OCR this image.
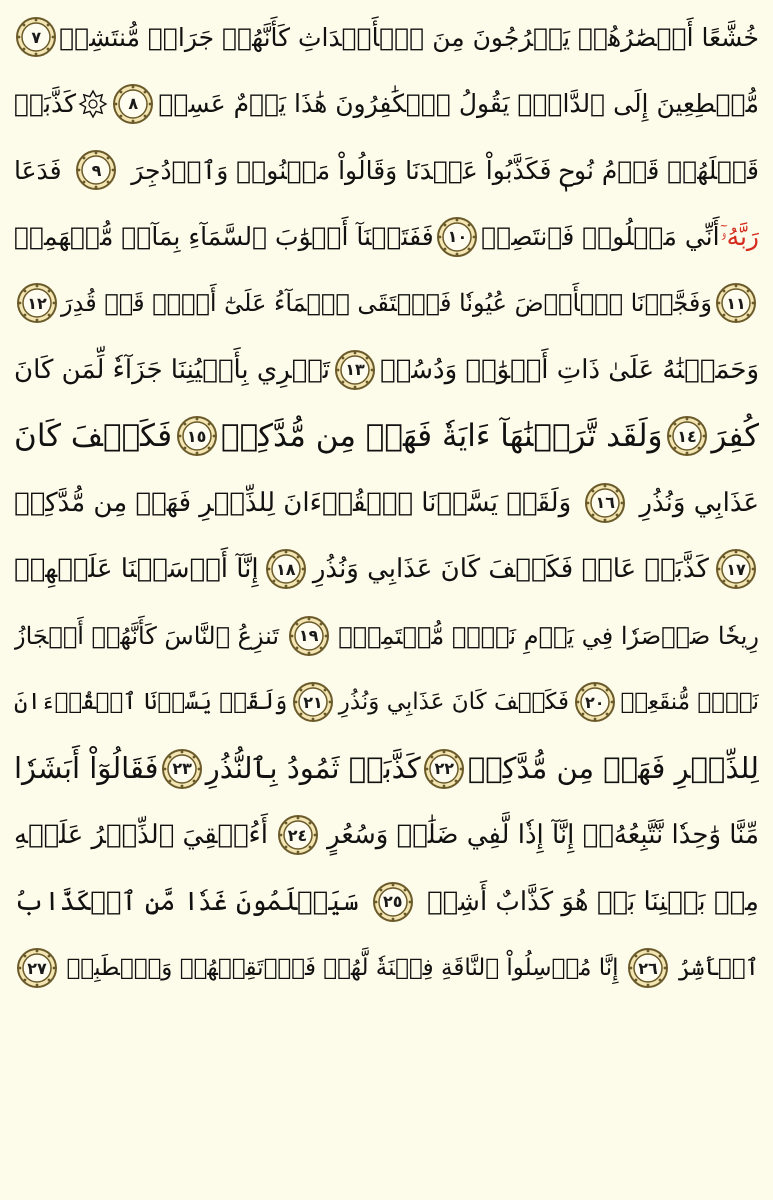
خُشَّعًا أَبۡصَٰرُهُمۡ يَخۡرُجُونَ مِنَ ٱلۡأَجۡدَاثِ كَأَنَّهُمۡ جَرَادٞ مُّنتَشِرٞ
٧
مُّهۡطِعِينَ إِلَى ٱلدَّاعِۖ يَقُولُ ٱلۡكَٰفِرُونَ هَٰذَا يَوۡمٌ عَسِرٞ
٨
كَذَّبَتۡ
قَبۡلَهُمۡ قَوۡمُ نُوحٖ فَكَذَّبُواْ عَبۡدَنَا وَقَالُواْ مَجۡنُونٞ وَٱزۡدُجِرَ
٩
فَدَعَا
رَبَّهُۥٓ
أَنِّي مَغۡلُوبٞ فَٱنتَصِرۡ
١٠
فَفَتَحۡنَآ أَبۡوَٰبَ ٱلسَّمَآءِ بِمَآءٖ مُّنۡهَمِرٖ
١١
وَفَجَّرۡنَا ٱلۡأَرۡضَ عُيُونٗا فَٱلۡتَقَى ٱلۡمَآءُ عَلَىٰٓ أَمۡرٖ قَدۡ قُدِرَ
١٢
وَحَمَلۡنَٰهُ عَلَىٰ ذَاتِ أَلۡوَٰحٖ وَدُسُرٖ
١٣
تَجۡرِي بِأَعۡيُنِنَا جَزَآءٗ لِّمَن كَانَ
كُفِرَ
١٤
وَلَقَد تَّرَكۡنَٰهَآ ءَايَةٗ فَهَلۡ مِن مُّدَّكِرٖ
١٥
فَكَيۡفَ كَانَ
عَذَابِي وَنُذُرِ
١٦
وَلَقَدۡ يَسَّرۡنَا ٱلۡقُرۡءَانَ لِلذِّكۡرِ فَهَلۡ مِن مُّدَّكِرٖ
١٧
كَذَّبَتۡ عَادٞ فَكَيۡفَ كَانَ عَذَابِي وَنُذُرِ
١٨
إِنَّآ أَرۡسَلۡنَا عَلَيۡهِمۡ
رِيحٗا صَرۡصَرٗا فِي يَوۡمِ نَحۡسٖ مُّسۡتَمِرّٖ
١٩
تَنزِعُ ٱلنَّاسَ كَأَنَّهُمۡ أَعۡجَازُ
نَخۡلٖ مُّنقَعِرٖ
٢٠
فَكَيۡفَ كَانَ عَذَابِي وَنُذُرِ
٢١
وَلَقَدۡ يَسَّرۡنَا ٱلۡقُرۡءَانَ
لِلذِّكۡرِ فَهَلۡ مِن مُّدَّكِرٖ
٢٢
كَذَّبَتۡ ثَمُودُ بِٱلنُّذُرِ
٢٣
فَقَالُوٓاْ أَبَشَرٗا
مِّنَّا وَٰحِدٗا نَّتَّبِعُهُۥٓ إِنَّآ إِذٗا لَّفِي ضَلَٰلٖ وَسُعُرٍ
٢٤
أَءُلۡقِيَ ٱلذِّكۡرُ عَلَيۡهِ
مِنۢ بَيۡنِنَا بَلۡ هُوَ كَذَّابٌ أَشِرٞ
٢٥
سَيَعۡلَمُونَ غَدٗا مَّنِ ٱلۡكَذَّابُ
ٱلۡأَشِرُ
٢٦
إِنَّا مُرۡسِلُواْ ٱلنَّاقَةِ فِتۡنَةٗ لَّهُمۡ فَٱرۡتَقِبۡهُمۡ وَٱصۡطَبِرۡ
٢٧
